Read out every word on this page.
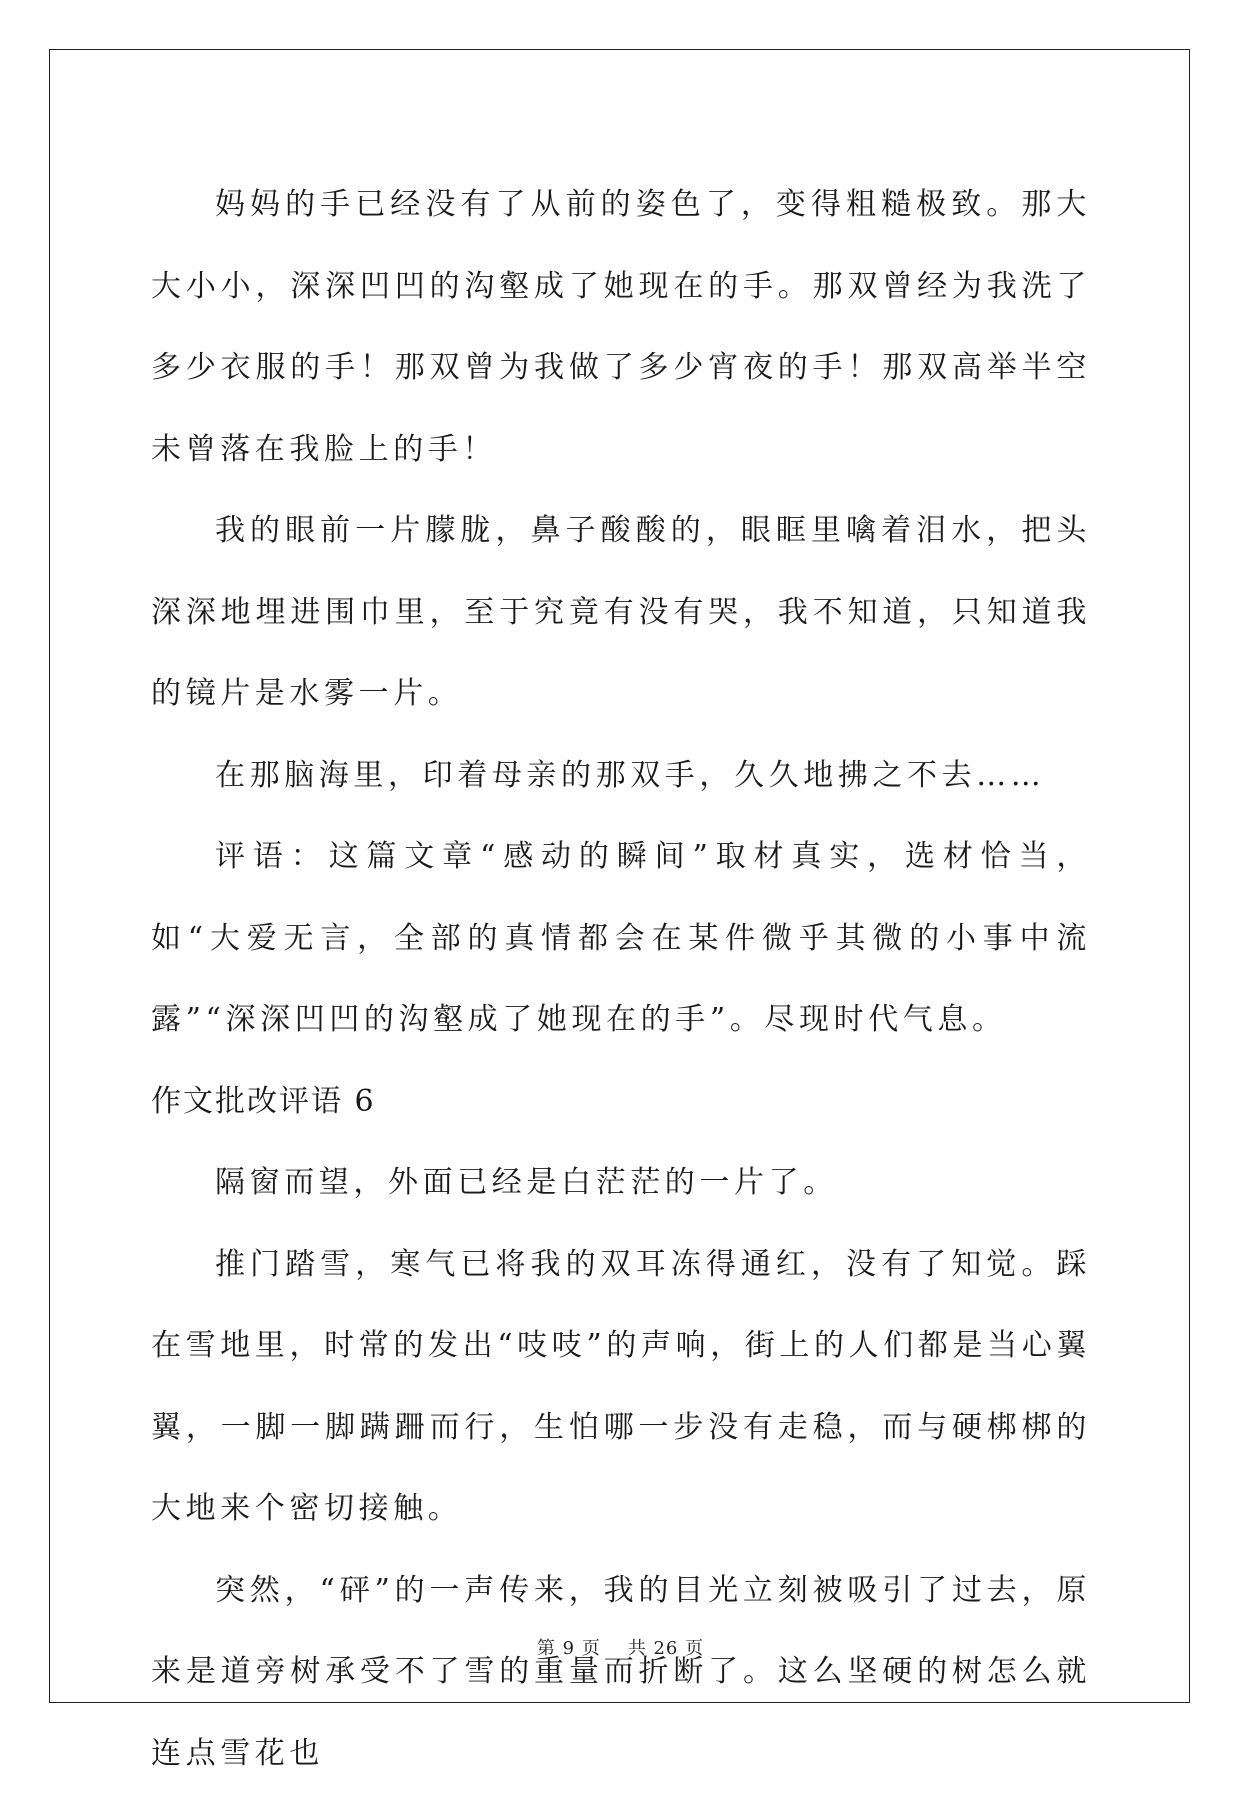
妈妈的手已经没有了从前的姿色了，变得粗糙极致。那大大小小，深深凹凹的沟壑成了她现在的手。那双曾经为我洗了多少衣服的手！那双曾为我做了多少宵夜的手！那双高举半空未曾落在我脸上的手！

我的眼前一片朦胧，鼻子酸酸的，眼眶里噙着泪水，把头深深地埋进围巾里，至于究竟有没有哭，我不知道，只知道我的镜片是水雾一片。

在那脑海里，印着母亲的那双手，久久地拂之不去……

评语：这篇文章“感动的瞬间”取材真实，选材恰当，如“大爱无言，全部的真情都会在某件微乎其微的小事中流露”“深深凹凹的沟壑成了她现在的手”。尽现时代气息。

作文批改评语 6

隔窗而望，外面已经是白茫茫的一片了。

推门踏雪，寒气已将我的双耳冻得通红，没有了知觉。踩在雪地里，时常的发出“吱吱”的声响，街上的人们都是当心翼翼，一脚一脚蹒跚而行，生怕哪一步没有走稳，而与硬梆梆的大地来个密切接触。

突然，“砰”的一声传来，我的目光立刻被吸引了过去，原来是道旁树承受不了雪的重量而折断了。这么坚硬的树怎么就连点雪花也

第 9 页 共 26 页
